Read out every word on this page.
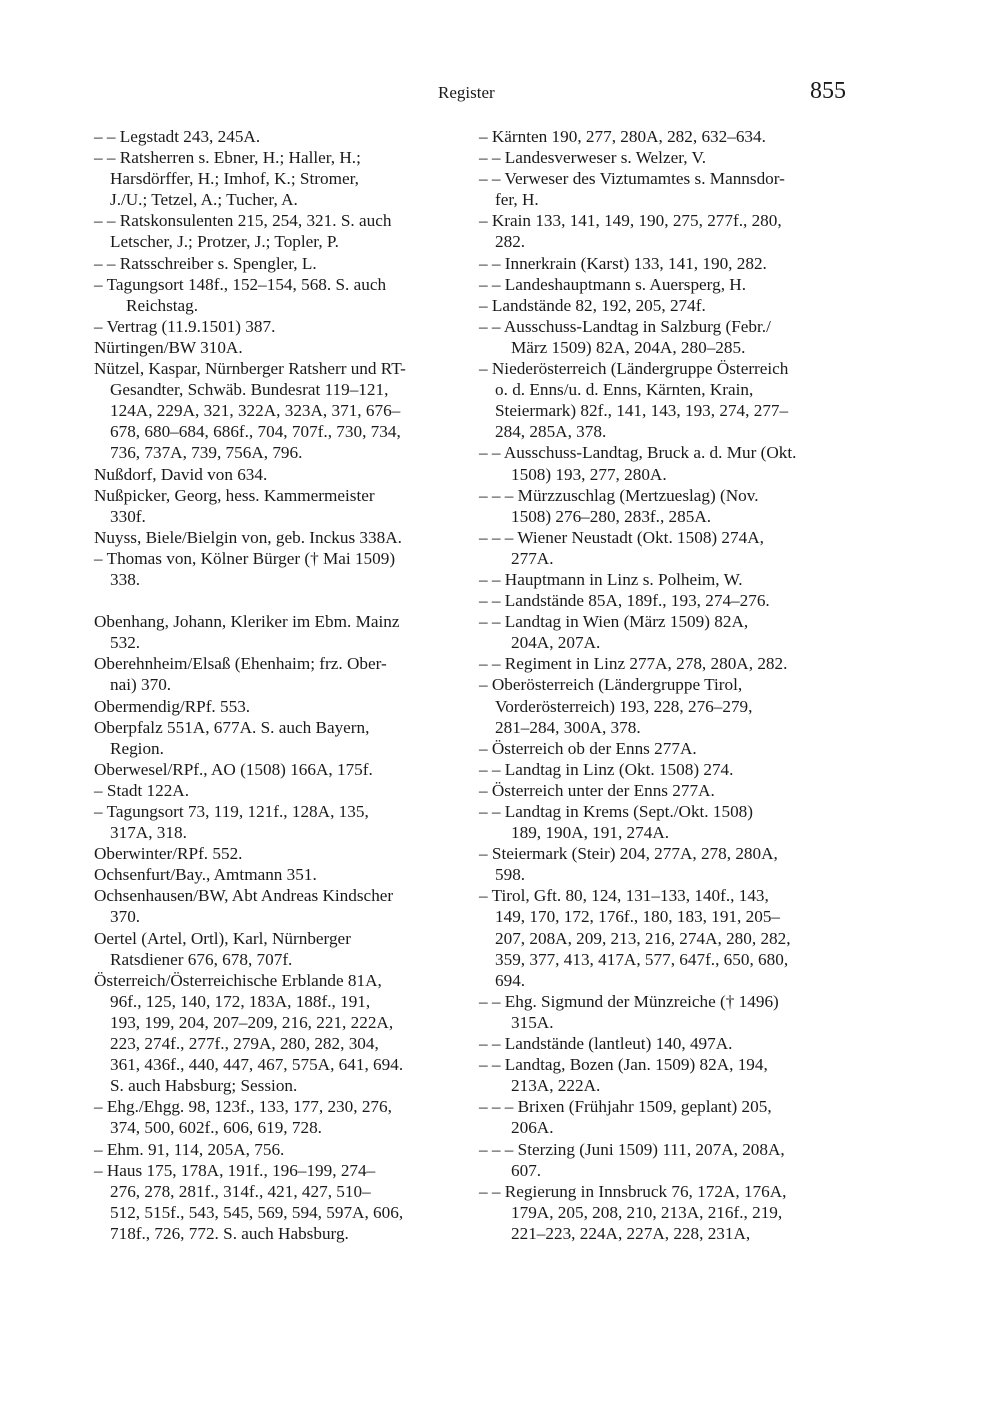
Register	855
– – Legstadt 243, 245A.
– – Ratsherren s. Ebner, H.; Haller, H.;
Harsdörffer, H.; Imhof, K.; Stromer,
J./U.; Tetzel, A.; Tucher, A.
– – Ratskonsulenten 215, 254, 321. S. auch
Letscher, J.; Protzer, J.; Topler, P.
– – Ratsschreiber s. Spengler, L.
– Tagungsort 148f., 152–154, 568. S. auch
Reichstag.
– Vertrag (11.9.1501) 387.
Nürtingen/BW 310A.
Nützel, Kaspar, Nürnberger Ratsherr und RT-
Gesandter, Schwäb. Bundesrat 119–121,
124A, 229A, 321, 322A, 323A, 371, 676–
678, 680–684, 686f., 704, 707f., 730, 734,
736, 737A, 739, 756A, 796.
Nußdorf, David von 634.
Nußpicker, Georg, hess. Kammermeister
330f.
Nuyss, Biele/Bielgin von, geb. Inckus 338A.
– Thomas von, Kölner Bürger († Mai 1509)
338.
Obenhang, Johann, Kleriker im Ebm. Mainz
532.
Oberehnheim/Elsaß (Ehenhaim; frz. Ober-
nai) 370.
Obermendig/RPf. 553.
Oberpfalz 551A, 677A. S. auch Bayern,
Region.
Oberwesel/RPf., AO (1508) 166A, 175f.
– Stadt 122A.
– Tagungsort 73, 119, 121f., 128A, 135,
317A, 318.
Oberwinter/RPf. 552.
Ochsenfurt/Bay., Amtmann 351.
Ochsenhausen/BW, Abt Andreas Kindscher
370.
Oertel (Artel, Ortl), Karl, Nürnberger
Ratsdiener 676, 678, 707f.
Österreich/Österreichische Erblande 81A,
96f., 125, 140, 172, 183A, 188f., 191,
193, 199, 204, 207–209, 216, 221, 222A,
223, 274f., 277f., 279A, 280, 282, 304,
361, 436f., 440, 447, 467, 575A, 641, 694.
S. auch Habsburg; Session.
– Ehg./Ehgg. 98, 123f., 133, 177, 230, 276,
374, 500, 602f., 606, 619, 728.
– Ehm. 91, 114, 205A, 756.
– Haus 175, 178A, 191f., 196–199, 274–
276, 278, 281f., 314f., 421, 427, 510–
512, 515f., 543, 545, 569, 594, 597A, 606,
718f., 726, 772. S. auch Habsburg.
– Kärnten 190, 277, 280A, 282, 632–634.
– – Landesverweser s. Welzer, V.
– – Verweser des Viztumamtes s. Mannsdor-
fer, H.
– Krain 133, 141, 149, 190, 275, 277f., 280,
282.
– – Innerkrain (Karst) 133, 141, 190, 282.
– – Landeshauptmann s. Auersperg, H.
– Landstände 82, 192, 205, 274f.
– – Ausschuss-Landtag in Salzburg (Febr./
März 1509) 82A, 204A, 280–285.
– Niederösterreich (Ländergruppe Österreich
o. d. Enns/u. d. Enns, Kärnten, Krain,
Steiermark) 82f., 141, 143, 193, 274, 277–
284, 285A, 378.
– – Ausschuss-Landtag, Bruck a. d. Mur (Okt.
1508) 193, 277, 280A.
– – – Mürzzuschlag (Mertzueslag) (Nov.
1508) 276–280, 283f., 285A.
– – – Wiener Neustadt (Okt. 1508) 274A,
277A.
– – Hauptmann in Linz s. Polheim, W.
– – Landstände 85A, 189f., 193, 274–276.
– – Landtag in Wien (März 1509) 82A,
204A, 207A.
– – Regiment in Linz 277A, 278, 280A, 282.
– Oberösterreich (Ländergruppe Tirol,
Vorderösterreich) 193, 228, 276–279,
281–284, 300A, 378.
– Österreich ob der Enns 277A.
– – Landtag in Linz (Okt. 1508) 274.
– Österreich unter der Enns 277A.
– – Landtag in Krems (Sept./Okt. 1508)
189, 190A, 191, 274A.
– Steiermark (Steir) 204, 277A, 278, 280A,
598.
– Tirol, Gft. 80, 124, 131–133, 140f., 143,
149, 170, 172, 176f., 180, 183, 191, 205–
207, 208A, 209, 213, 216, 274A, 280, 282,
359, 377, 413, 417A, 577, 647f., 650, 680,
694.
– – Ehg. Sigmund der Münzreiche († 1496)
315A.
– – Landstände (lantleut) 140, 497A.
– – Landtag, Bozen (Jan. 1509) 82A, 194,
213A, 222A.
– – – Brixen (Frühjahr 1509, geplant) 205,
206A.
– – – Sterzing (Juni 1509) 111, 207A, 208A,
607.
– – Regierung in Innsbruck 76, 172A, 176A,
179A, 205, 208, 210, 213A, 216f., 219,
221–223, 224A, 227A, 228, 231A,
